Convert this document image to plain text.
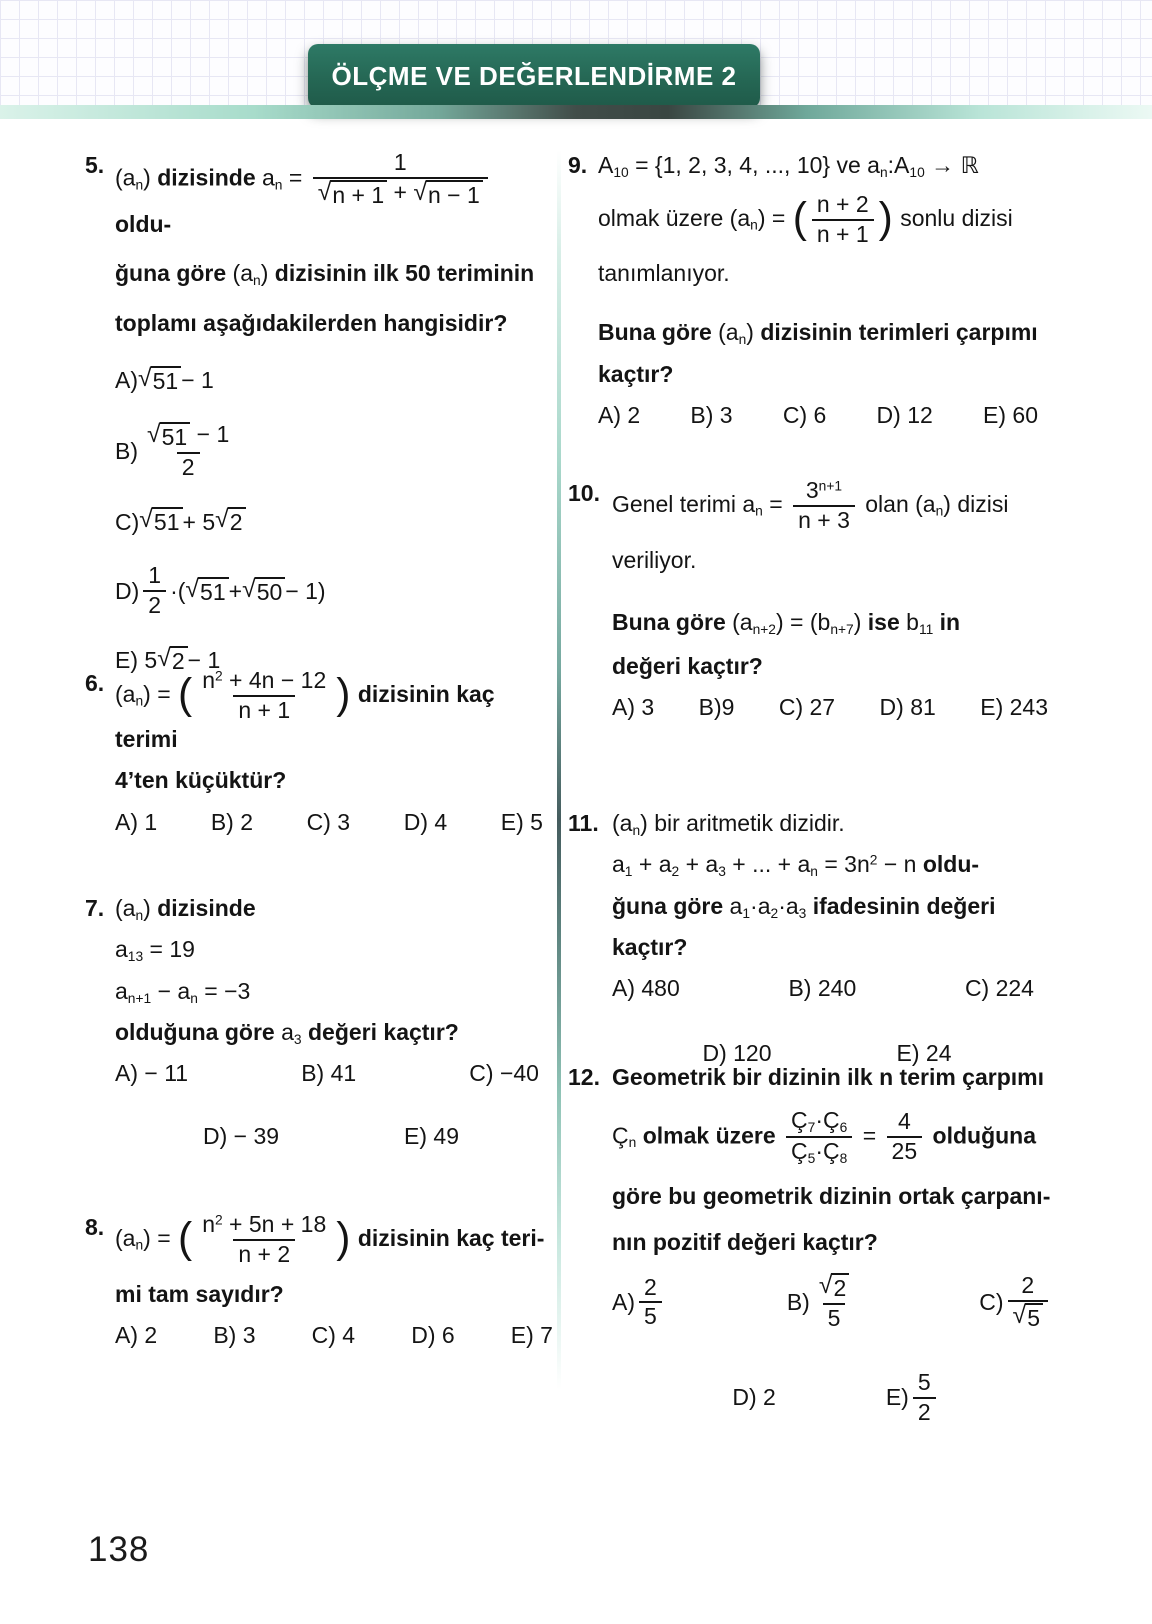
ÖLÇME VE DEĞERLENDİRME 2
5. (an) dizisinde an = $\frac{1}{√ n + 1 + √ n - 1}$
oldu-
ğuna göre (an) dizisinin ilk 50 teriminin
toplamı aşağıdakilerden hangisidir?
A) √ 51 − 1
$B) \frac{√ 51 - 1}{2}$
C) √ 51 + 5 √ 2
$D) \frac{1}{2}$ ·( √ 51 + √ 50 − 1)
E) 5 √ 2 − 1
6. (an) = ( $\frac{n^2 + 4n - 12}{n + 1}$ ) dizisinin kaç terimi
4’ten küçüktür?
A) 1 B) 2 C) 3 D) 4 E) 5
7. (an) dizisinde
a13 = 19
an+1 − an = −3
olduğuna göre a3 değeri kaçtır?
A) − 11	B) 41	C) −40
D) − 39	E) 49
8. (an) = ( $\frac{n^2 + 5n + 18}{n + 2}$ ) dizisinin kaç teri-
mi tam sayıdır?
A) 2 B) 3 C) 4 D) 6 E) 7
9. A10 = {1, 2, 3, 4, ..., 10} ve an:A10 → ℝ
olmak üzere (an) = ( $\frac{n + 2}{n + 1}$ ) sonlu dizisi
tanımlanıyor.
Buna göre (an) dizisinin terimleri çarpımı
kaçtır?
A) 2 B) 3 C) 6 D) 12 E) 60
10. Genel terimi an = $\frac{3^{n+1}}{n + 3}$ olan (an) dizisi
veriliyor.
Buna göre (an+2) = (bn+7) ise b11 in
değeri kaçtır?
A) 3 B)9 C) 27 D) 81 E) 243
11. (an) bir aritmetik dizidir.
a1 + a2 + a3 + ... + an = $3n^2 - n$ oldu-
ğuna göre a1·a2·a3 ifadesinin değeri
kaçtır?
A) 480	B) 240	C) 224
D) 120	E) 24
12. Geometrik bir dizinin ilk n terim çarpımı
Çn olmak üzere $\frac{Ç7\cdot Ç6}{Ç5\cdot Ç8} = \frac{4}{25}$ olduğuna
göre bu geometrik dizinin ortak çarpanı-
nın pozitif değeri kaçtır?
$A) \frac{2}{5}$	$B) \frac{√ 2}{5}$	$C) \frac{2}{√ 5}$
D) 2	$E) \frac{5}{2}$
138
